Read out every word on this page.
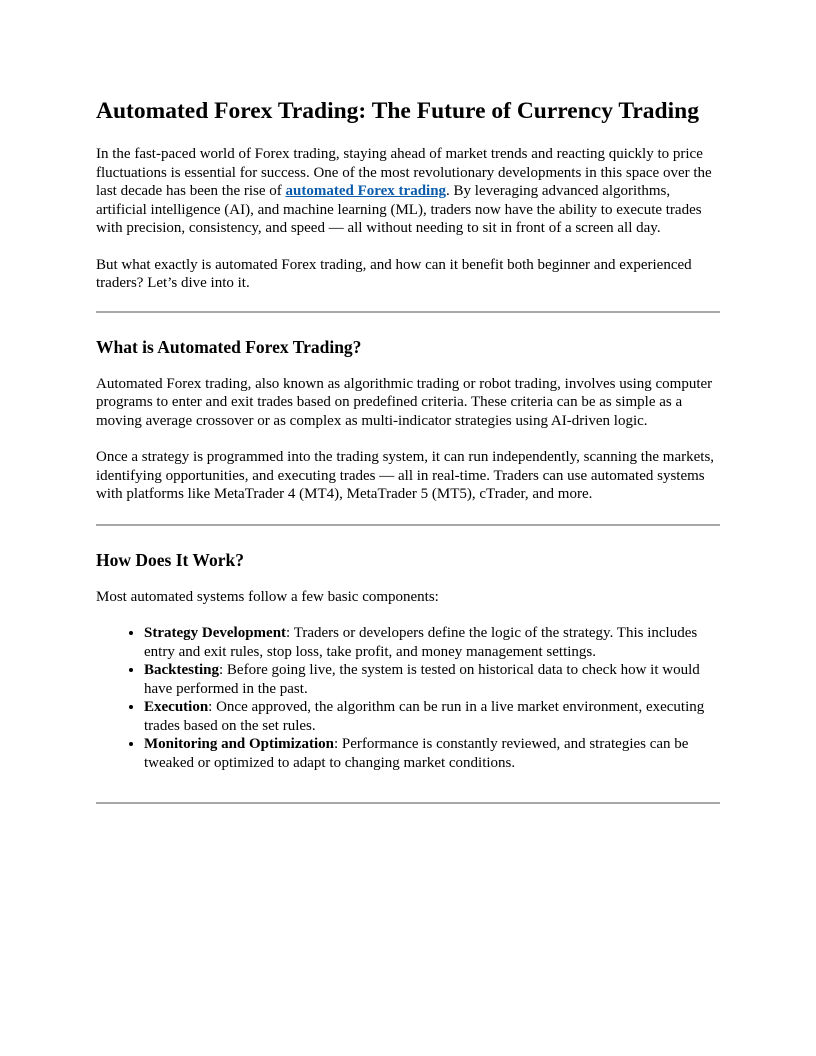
Automated Forex Trading: The Future of Currency Trading

In the fast-paced world of Forex trading, staying ahead of market trends and reacting quickly to price fluctuations is essential for success. One of the most revolutionary developments in this space over the last decade has been the rise of automated Forex trading. By leveraging advanced algorithms, artificial intelligence (AI), and machine learning (ML), traders now have the ability to execute trades with precision, consistency, and speed — all without needing to sit in front of a screen all day.

But what exactly is automated Forex trading, and how can it benefit both beginner and experienced traders? Let’s dive into it.

What is Automated Forex Trading?

Automated Forex trading, also known as algorithmic trading or robot trading, involves using computer programs to enter and exit trades based on predefined criteria. These criteria can be as simple as a moving average crossover or as complex as multi-indicator strategies using AI-driven logic.

Once a strategy is programmed into the trading system, it can run independently, scanning the markets, identifying opportunities, and executing trades — all in real-time. Traders can use automated systems with platforms like MetaTrader 4 (MT4), MetaTrader 5 (MT5), cTrader, and more.

How Does It Work?

Most automated systems follow a few basic components:

• Strategy Development: Traders or developers define the logic of the strategy. This includes entry and exit rules, stop loss, take profit, and money management settings.
• Backtesting: Before going live, the system is tested on historical data to check how it would have performed in the past.
• Execution: Once approved, the algorithm can be run in a live market environment, executing trades based on the set rules.
• Monitoring and Optimization: Performance is constantly reviewed, and strategies can be tweaked or optimized to adapt to changing market conditions.
